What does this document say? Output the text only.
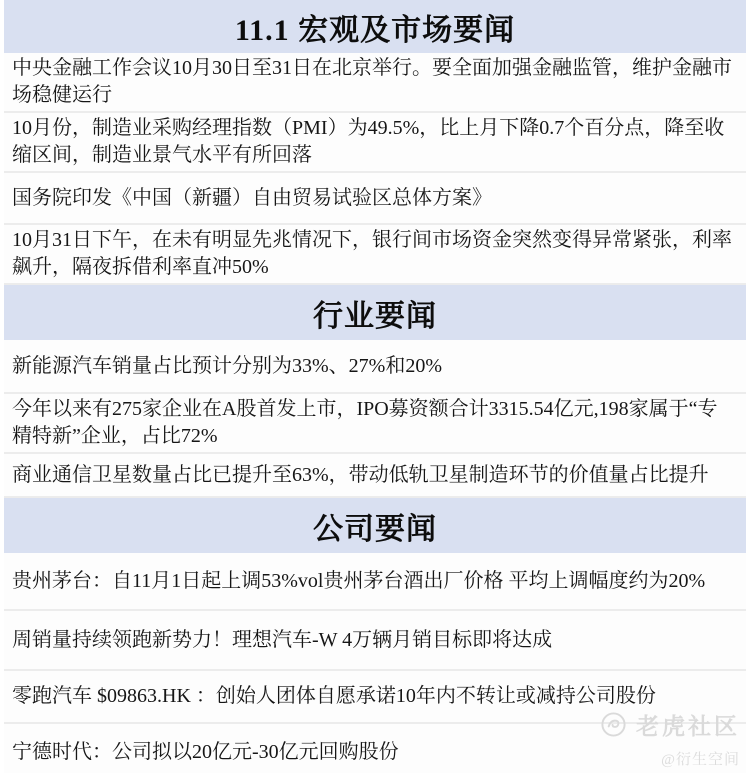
11.1 宏观及市场要闻
中央金融工作会议10月30日至31日在北京举行。要全面加强金融监管，维护金融市场稳健运行
10月份，制造业采购经理指数（PMI）为49.5%，比上月下降0.7个百分点，降至收缩区间，制造业景气水平有所回落
国务院印发《中国（新疆）自由贸易试验区总体方案》
10月31日下午，在未有明显先兆情况下，银行间市场资金突然变得异常紧张，利率飙升，隔夜拆借利率直冲50%
行业要闻
新能源汽车销量占比预计分别为33%、27%和20%
今年以来有275家企业在A股首发上市，IPO募资额合计3315.54亿元,198家属于“专精特新”企业，占比72%
商业通信卫星数量占比已提升至63%，带动低轨卫星制造环节的价值量占比提升
公司要闻
贵州茅台：自11月1日起上调53%vol贵州茅台酒出厂价格 平均上调幅度约为20%
周销量持续领跑新势力！理想汽车-W 4万辆月销目标即将达成
零跑汽车 $09863.HK ：创始人团体自愿承诺10年内不转让或减持公司股份
宁德时代：公司拟以20亿元-30亿元回购股份
老虎社区
@衍生空间
